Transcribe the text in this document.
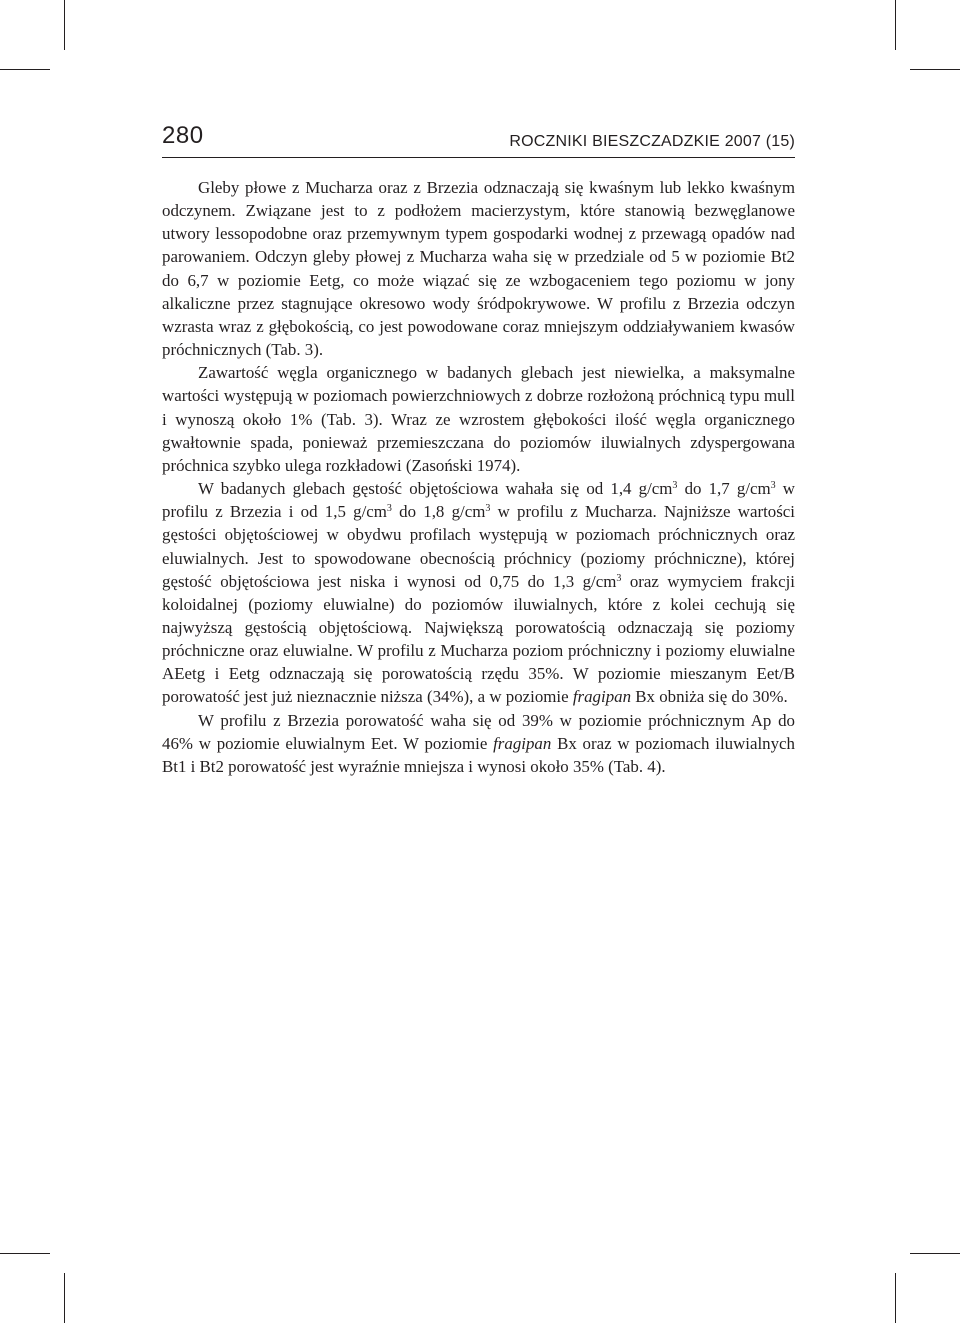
280	ROCZNIKI BIESZCZADZKIE 2007 (15)

Gleby płowe z Mucharza oraz z Brzezia odznaczają się kwaśnym lub lekko kwaśnym odczynem. Związane jest to z podłożem macierzystym, które stanowią bezwęglanowe utwory lessopodobne oraz przemywnym typem gospodarki wodnej z przewagą opadów nad parowaniem. Odczyn gleby płowej z Mucharza waha się w przedziale od 5 w poziomie Bt2 do 6,7 w poziomie Eetg, co może wiązać się ze wzbogaceniem tego poziomu w jony alkaliczne przez stagnujące okresowo wody śródpokrywowe. W profilu z Brzezia odczyn wzrasta wraz z głębokością, co jest powodowane coraz mniejszym oddziaływaniem kwasów próchnicznych (Tab. 3).

Zawartość węgla organicznego w badanych glebach jest niewielka, a maksymalne wartości występują w poziomach powierzchniowych z dobrze rozłożoną próchnicą typu mull i wynoszą około 1% (Tab. 3). Wraz ze wzrostem głębokości ilość węgla organicznego gwałtownie spada, ponieważ przemieszczana do poziomów iluwialnych zdyspergowana próchnica szybko ulega rozkładowi (Zasoński 1974).

W badanych glebach gęstość objętościowa wahała się od 1,4 $g/cm^3$ do 1,7 $g/cm^3$ w profilu z Brzezia i od 1,5 $g/cm^3$ do 1,8 $g/cm^3$ w profilu z Mucharza. Najniższe wartości gęstości objętościowej w obydwu profilach występują w poziomach próchnicznych oraz eluwialnych. Jest to spowodowane obecnością próchnicy (poziomy próchniczne), której gęstość objętościowa jest niska i wynosi od 0,75 do 1,3 $g/cm^3$ oraz wymyciem frakcji koloidalnej (poziomy eluwialne) do poziomów iluwialnych, które z kolei cechują się najwyższą gęstością objętościową. Największą porowatością odznaczają się poziomy próchniczne oraz eluwialne. W profilu z Mucharza poziom próchniczny i poziomy eluwialne AEetg i Eetg odznaczają się porowatością rzędu 35%. W poziomie mieszanym Eet/B porowatość jest już nieznacznie niższa (34%), a w poziomie fragipan Bx obniża się do 30%.

W profilu z Brzezia porowatość waha się od 39% w poziomie próchnicznym Ap do 46% w poziomie eluwialnym Eet. W poziomie fragipan Bx oraz w poziomach iluwialnych Bt1 i Bt2 porowatość jest wyraźnie mniejsza i wynosi około 35% (Tab. 4).
